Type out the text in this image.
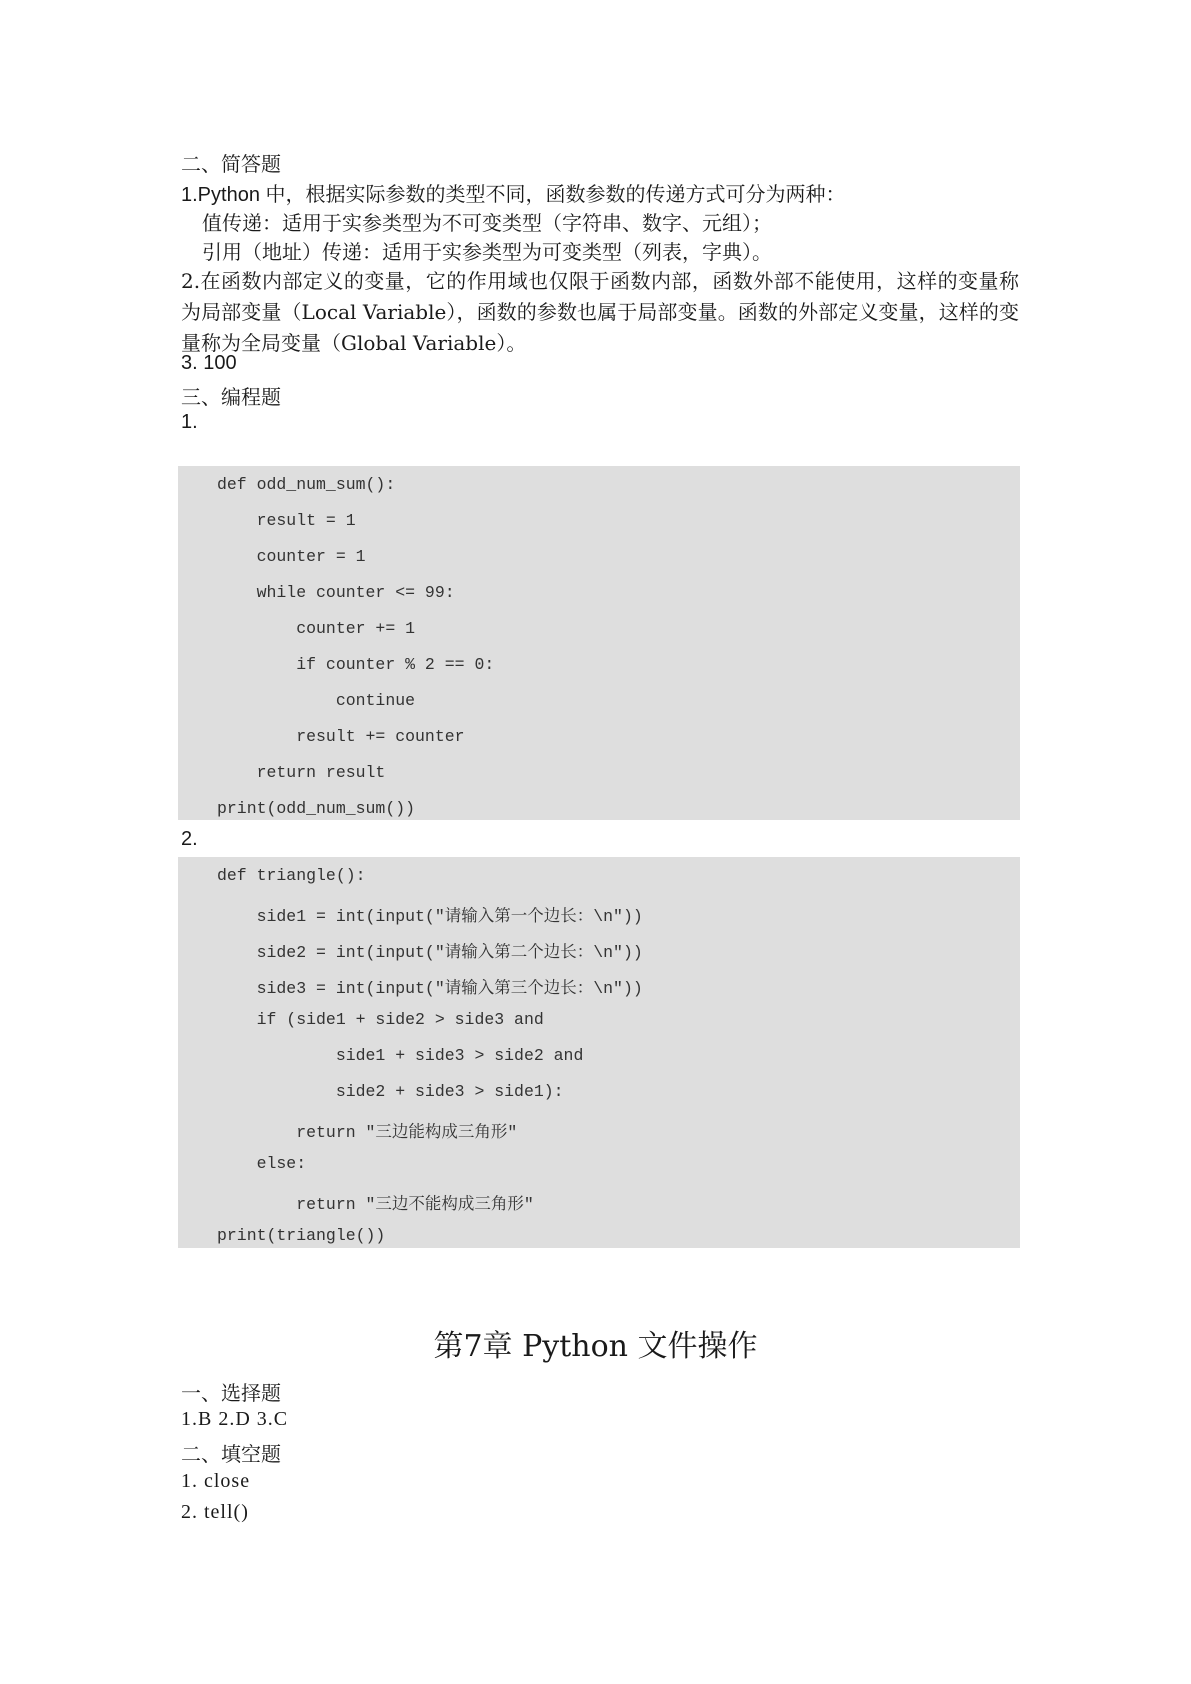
二、简答题
1.Python 中，根据实际参数的类型不同，函数参数的传递方式可分为两种：
值传递：适用于实参类型为不可变类型（字符串、数字、元组）；
引用（地址）传递：适用于实参类型为可变类型（列表，字典）。
2.在函数内部定义的变量，它的作用域也仅限于函数内部，函数外部不能使用，这样的变量称为局部变量（Local Variable），函数的参数也属于局部变量。函数的外部定义变量，这样的变量称为全局变量（Global Variable）。
3. 100
三、编程题
1.
def odd_num_sum():
result = 1
counter = 1
while counter <= 99:
counter += 1
if counter % 2 == 0:
continue
result += counter
return result
print(odd_num_sum())
2.
def triangle():
side1 = int(input("请输入第一个边长：\n"))
side2 = int(input("请输入第二个边长：\n"))
side3 = int(input("请输入第三个边长：\n"))
if (side1 + side2 > side3 and
side1 + side3 > side2 and
side2 + side3 > side1):
return "三边能构成三角形"
else:
return "三边不能构成三角形"
print(triangle())
第7章 Python 文件操作
一、选择题
1.B 2.D 3.C
二、填空题
1. close
2. tell()
